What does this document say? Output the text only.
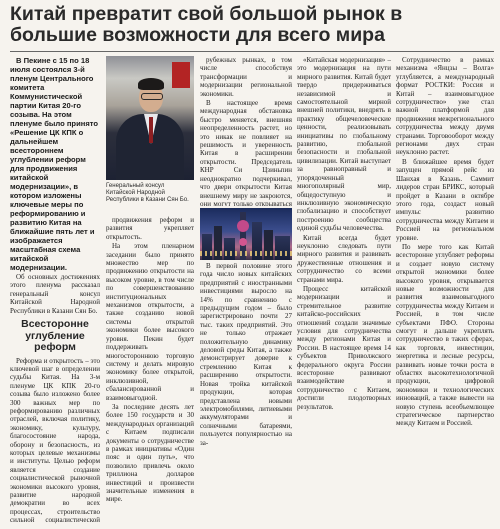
Китай превратит свой большой рынок в большие возможности для всего мира

В Пекине с 15 по 18 июля состоялся 3-й пленум Центрального комитета Коммунистической партии Китая 20-го созыва. На этом пленуме было принято «Решение ЦК КПК о дальнейшем всестороннем углублении реформ для продвижения китайской модернизации», в котором изложены ключевые меры по реформированию и развитию Китая на ближайшие пять лет и изображается масштабная схема китайской модернизации.

Об основных достижениях этого пленума рассказал генеральный консул Китайской Народной Республики в Казани Сян Бо.

Всесторонне углубление реформ

Реформа и открытость – это ключевой шаг в определении судьбы Китая. На 3-м пленуме ЦК КПК 20-го созыва было изложено более 300 важных мер по реформированию различных отраслей, включая политику, экономику, культуру, благосостояние народа, оборону и безопасность, из которых целевые механизмы и институты. Целью реформ является создание социалистической рыночной экономики высокого уровня, развитие народной демократии во всех процессах, строительство сильной социалистической

Генеральный консул Китайской Народной Республики в Казани Сян Бо.

продвижения реформ и развития укрепляет открытость.

На этом пленарном заседании было принято множество мер по продвижению открытости на высоком уровне, в том числе по совершенствованию институциональных механизмов открытости, а также созданию новой системы открытой экономики более высокого уровня. Пекин будет поддерживать многостороннюю торговую систему и делать мировую экономику более открытой, инклюзивной, сбалансированной и взаимовыгодной.

За последние десять лет более 150 государств и 30 международных организаций с Китаем подписали документы о сотрудничестве в рамках инициативы «Один пояс и один путь», что позволило привлечь около триллиона долларов инвестиций и произвести значительные изменения в мире.

рубежных рынках, в том числе способствуя трансформации и модернизации региональной экономики.

В настоящее время международная обстановка быстро меняется, внешняя неопределенность растет, но это никак не повлияет на решимость и уверенность Китая в расширении открытости. Председатель КНР Си Цзиньпин неоднократно подчеркивал, что двери открытости Китая внешнему миру не закроются, они могут только открываться

В первой половине этого года число новых китайских предприятий с иностранными инвестициями выросло на 14% по сравнению с предыдущим годом – было зарегистрировано почти 27 тыс. таких предприятий. Это не только отражает положительную динамику деловой среды Китая, а также демонстрирует доверие к стремлению Китая к расширению открытости. Новая тройка китайской продукции, которая представлена новыми электромобилями, литиевыми аккумуляторами и солнечными батареями, пользуется популярностью на за-

«Китайская модернизация» – это модернизация на пути мирного развития. Китай будет твердо придерживаться независимой и самостоятельной мирной внешней политики, внедрять в практику общечеловеческие ценности, реализовывать инициативы по глобальному развитию, глобальной безопасности и глобальной цивилизации. Китай выступает за равноправный и упорядоченный многополярный мир, общедоступную и инклюзивную экономическую глобализацию и способствует построению сообщества единой судьбы человечества.

Китай всегда будет неуклонно следовать пути мирного развития и развивать дружественные отношения и сотрудничество со всеми странами мира.

Процесс китайской модернизации и стремительное развитие китайско-российских отношений создали значимые условия для сотрудничества между регионами Китая и России. В настоящее время 14 субъектов Приволжского федерального округа России всесторонне развивают взаимодействие и сотрудничество с Китаем, достигли плодотворных результатов.

Сотрудничество в рамках механизма «Янцзы – Волга» углубляется, а международный формат РОСТКИ: Россия и Китай – взаимовыгодное сотрудничество» уже стал важной платформой для продвижения межрегионального сотрудничества между двумя странами. Торговооборот между регионами двух стран неуклонно растет.

В ближайшее время будет запущен прямой рейс из Шанхая в Казань. Саммит лидеров стран БРИКС, который пройдет в Казани в октябре этого года, создаст новый импульс развитию сотрудничества между Китаем и Россией на региональном уровне.

По мере того как Китай всесторонне углубляет реформы и создает новую систему открытой экономики более высокого уровня, открывается новые возможности для развития взаимовыгодного сотрудничества между Китаем и Россией, в том числе субъектами ПФО. Стороны смогут и дальше укреплять сотрудничество в таких сферах, как торговля, инвестиции, энергетика и лесные ресурсы, развивать новые точки роста в областях высокотехнологичной продукции, цифровой экономики и технологических инноваций, а также вывести на новую ступень всеобъемлющее стратегическое партнерство между Китаем и Россией.
